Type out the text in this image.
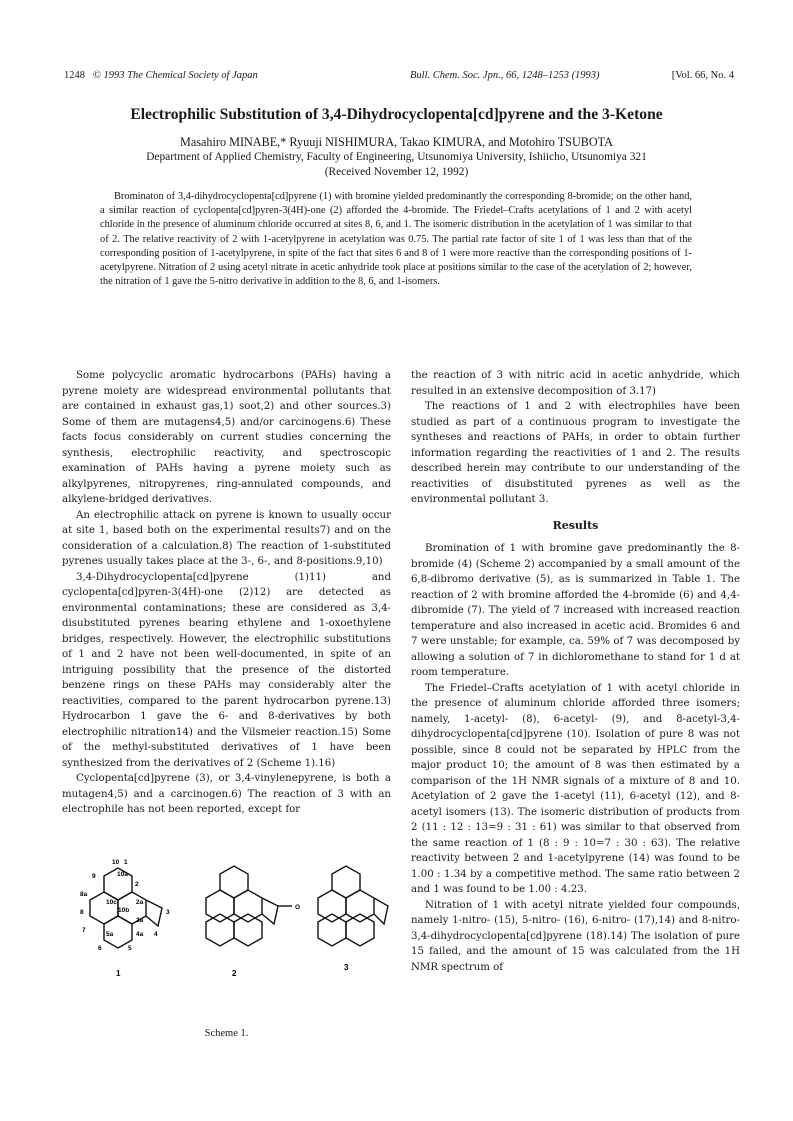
1248 © 1993 The Chemical Society of Japan	Bull. Chem. Soc. Jpn., 66, 1248–1253 (1993)	[Vol. 66, No. 4
Electrophilic Substitution of 3,4-Dihydrocyclopenta[cd]pyrene and the 3-Ketone
Masahiro MINABE,* Ryuuji NISHIMURA, Takao KIMURA, and Motohiro TSUBOTA
Department of Applied Chemistry, Faculty of Engineering, Utsunomiya University, Ishiicho, Utsunomiya 321
(Received November 12, 1992)
Brominaton of 3,4-dihydrocyclopenta[cd]pyrene (1) with bromine yielded predominantly the corresponding 8-bromide; on the other hand, a similar reaction of cyclopenta[cd]pyren-3(4H)-one (2) afforded the 4-bromide. The Friedel–Crafts acetylations of 1 and 2 with acetyl chloride in the presence of aluminum chloride occurred at sites 8, 6, and 1. The isomeric distribution in the acetylation of 1 was similar to that of 2. The relative reactivity of 2 with 1-acetylpyrene in acetylation was 0.75. The partial rate factor of site 1 of 1 was less than that of the corresponding position of 1-acetylpyrene, in spite of the fact that sites 6 and 8 of 1 were more reactive than the corresponding positions of 1-acetylpyrene. Nitration of 2 using acetyl nitrate in acetic anhydride took place at positions similar to the case of the acetylation of 2; however, the nitration of 1 gave the 5-nitro derivative in addition to the 8, 6, and 1-isomers.

Some polycyclic aromatic hydrocarbons (PAHs) having a pyrene moiety are widespread environmental pollutants that are contained in exhaust gas,1) soot,2) and other sources.3) Some of them are mutagens4,5) and/or carcinogens.6) These facts focus considerably on current studies concerning the synthesis, electrophilic reactivity, and spectroscopic examination of PAHs having a pyrene moiety such as alkylpyrenes, nitropyrenes, ring-annulated compounds, and alkylene-bridged derivatives.

An electrophilic attack on pyrene is known to usually occur at site 1, based both on the experimental results7) and on the consideration of a calculation.8) The reaction of 1-substituted pyrenes usually takes place at the 3-, 6-, and 8-positions.9,10)

3,4-Dihydrocyclopenta[cd]pyrene (1)11) and cyclopenta[cd]pyren-3(4H)-one (2)12) are detected as environmental contaminations; these are considered as 3,4-disubstituted pyrenes bearing ethylene and 1-oxoethylene bridges, respectively. However, the electrophilic substitutions of 1 and 2 have not been well-documented, in spite of an intriguing possibility that the presence of the distorted benzene rings on these PAHs may considerably alter the reactivities, compared to the parent hydrocarbon pyrene.13) Hydrocarbon 1 gave the 6- and 8-derivatives by both electrophilic nitration14) and the Vilsmeier reaction.15) Some of the methyl-substituted derivatives of 1 have been synthesized from the derivatives of 2 (Scheme 1).16)

Cyclopenta[cd]pyrene (3), or 3,4-vinylenepyrene, is both a mutagen4,5) and a carcinogen.6) The reaction of 3 with an electrophile has not been reported, except for

10 1
10a
9
2
8a
10c	2a
3
8	10b
3a
7
5a	4a 4
6	5
O
1	2
3
Scheme 1.

the reaction of 3 with nitric acid in acetic anhydride, which resulted in an extensive decomposition of 3.17)

The reactions of 1 and 2 with electrophiles have been studied as part of a continuous program to investigate the syntheses and reactions of PAHs, in order to obtain further information regarding the reactivities of 1 and 2. The results described herein may contribute to our understanding of the reactivities of disubstituted pyrenes as well as the environmental pollutant 3.

Results

Bromination of 1 with bromine gave predominantly the 8-bromide (4) (Scheme 2) accompanied by a small amount of the 6,8-dibromo derivative (5), as is summarized in Table 1. The reaction of 2 with bromine afforded the 4-bromide (6) and 4,4-dibromide (7). The yield of 7 increased with increased reaction temperature and also increased in acetic acid. Bromides 6 and 7 were unstable; for example, ca. 59% of 7 was decomposed by allowing a solution of 7 in dichloromethane to stand for 1 d at room temperature.

The Friedel–Crafts acetylation of 1 with acetyl chloride in the presence of aluminum chloride afforded three isomers; namely, 1-acetyl- (8), 6-acetyl- (9), and 8-acetyl-3,4-dihydrocyclopenta[cd]pyrene (10). Isolation of pure 8 was not possible, since 8 could not be separated by HPLC from the major product 10; the amount of 8 was then estimated by a comparison of the 1H NMR signals of a mixture of 8 and 10. Acetylation of 2 gave the 1-acetyl (11), 6-acetyl (12), and 8-acetyl isomers (13). The isomeric distribution of products from 2 (11 : 12 : 13=9 : 31 : 61) was similar to that observed from the same reaction of 1 (8 : 9 : 10=7 : 30 : 63). The relative reactivity between 2 and 1-acetylpyrene (14) was found to be 1.00 : 1.34 by a competitive method. The same ratio between 2 and 1 was found to be 1.00 : 4.23.

Nitration of 1 with acetyl nitrate yielded four compounds, namely 1-nitro- (15), 5-nitro- (16), 6-nitro- (17),14) and 8-nitro-3,4-dihydrocyclopenta[cd]pyrene (18).14) The isolation of pure 15 failed, and the amount of 15 was calculated from the 1H NMR spectrum of
